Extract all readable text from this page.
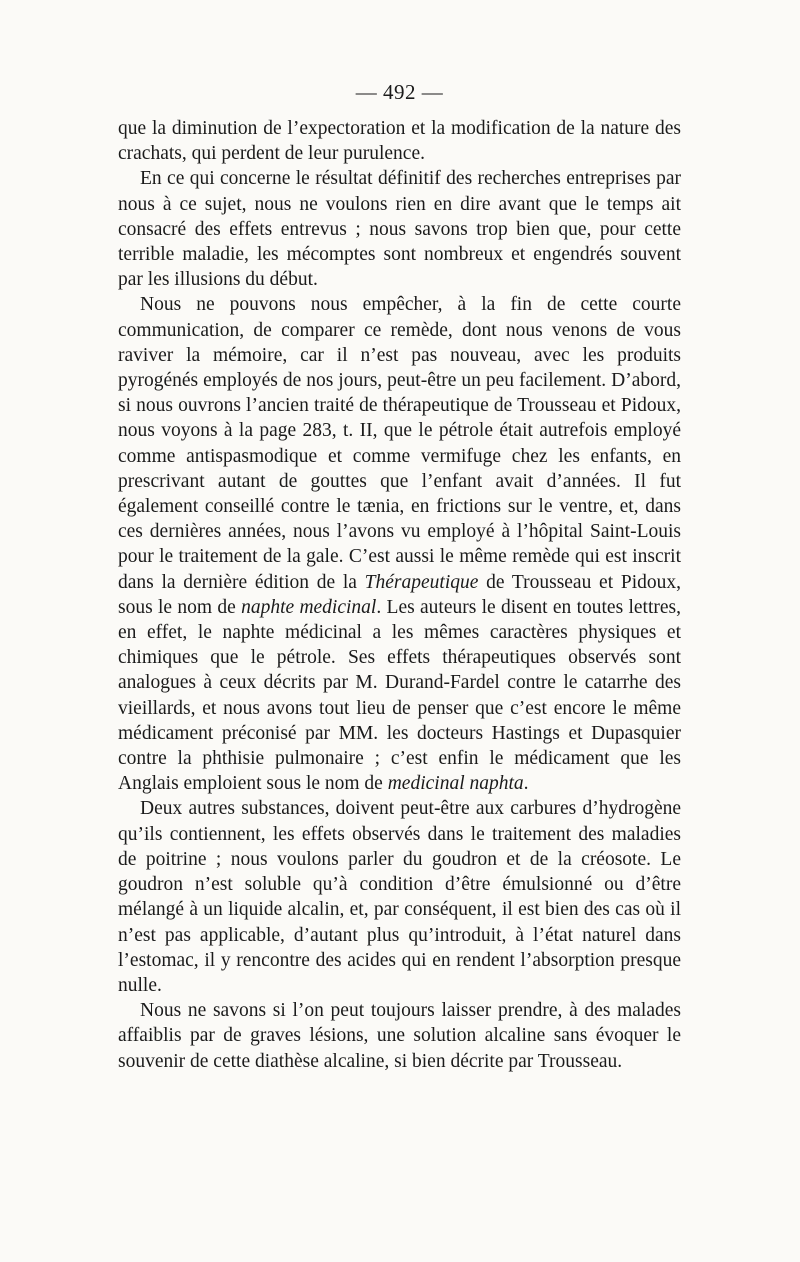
— 492 —

que la diminution de l’expectoration et la modification de la nature des crachats, qui perdent de leur purulence.

En ce qui concerne le résultat définitif des recherches entreprises par nous à ce sujet, nous ne voulons rien en dire avant que le temps ait consacré des effets entrevus ; nous savons trop bien que, pour cette terrible maladie, les mécomptes sont nombreux et engendrés souvent par les illusions du début.

Nous ne pouvons nous empêcher, à la fin de cette courte communication, de comparer ce remède, dont nous venons de vous raviver la mémoire, car il n’est pas nouveau, avec les produits pyrogénés employés de nos jours, peut-être un peu facilement. D’abord, si nous ouvrons l’ancien traité de thérapeutique de Trousseau et Pidoux, nous voyons à la page 283, t. II, que le pétrole était autrefois employé comme antispasmodique et comme vermifuge chez les enfants, en prescrivant autant de gouttes que l’enfant avait d’années. Il fut également conseillé contre le tænia, en frictions sur le ventre, et, dans ces dernières années, nous l’avons vu employé à l’hôpital Saint-Louis pour le traitement de la gale. C’est aussi le même remède qui est inscrit dans la dernière édition de la Thérapeutique de Trousseau et Pidoux, sous le nom de naphte medicinal. Les auteurs le disent en toutes lettres, en effet, le naphte médicinal a les mêmes caractères physiques et chimiques que le pétrole. Ses effets thérapeutiques observés sont analogues à ceux décrits par M. Durand-Fardel contre le catarrhe des vieillards, et nous avons tout lieu de penser que c’est encore le même médicament préconisé par MM. les docteurs Hastings et Dupasquier contre la phthisie pulmonaire ; c’est enfin le médicament que les Anglais emploient sous le nom de medicinal naphta.

Deux autres substances, doivent peut-être aux carbures d’hydrogène qu’ils contiennent, les effets observés dans le traitement des maladies de poitrine ; nous voulons parler du goudron et de la créosote. Le goudron n’est soluble qu’à condition d’être émulsionné ou d’être mélangé à un liquide alcalin, et, par conséquent, il est bien des cas où il n’est pas applicable, d’autant plus qu’introduit, à l’état naturel dans l’estomac, il y rencontre des acides qui en rendent l’absorption presque nulle.

Nous ne savons si l’on peut toujours laisser prendre, à des malades affaiblis par de graves lésions, une solution alcaline sans évoquer le souvenir de cette diathèse alcaline, si bien décrite par Trousseau.
